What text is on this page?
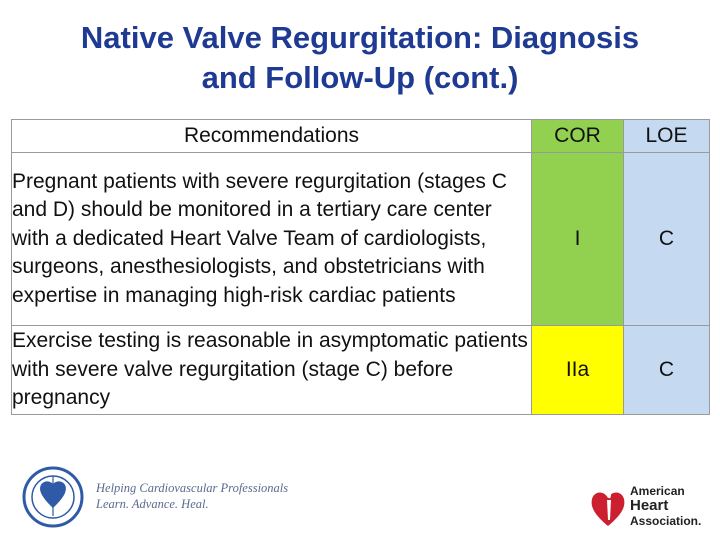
Native Valve Regurgitation: Diagnosis
and Follow-Up (cont.)
Recommendations	COR	LOE
Pregnant patients with severe regurgitation (stages C and D) should be monitored in a tertiary care center with a dedicated Heart Valve Team of cardiologists, surgeons, anesthesiologists, and obstetricians with expertise in managing high-risk cardiac patients	I	C
Exercise testing is reasonable in asymptomatic patients with severe valve regurgitation (stage C) before pregnancy	IIa	C
Helping Cardiovascular Professionals
Learn. Advance. Heal.
American
Heart
Association.
